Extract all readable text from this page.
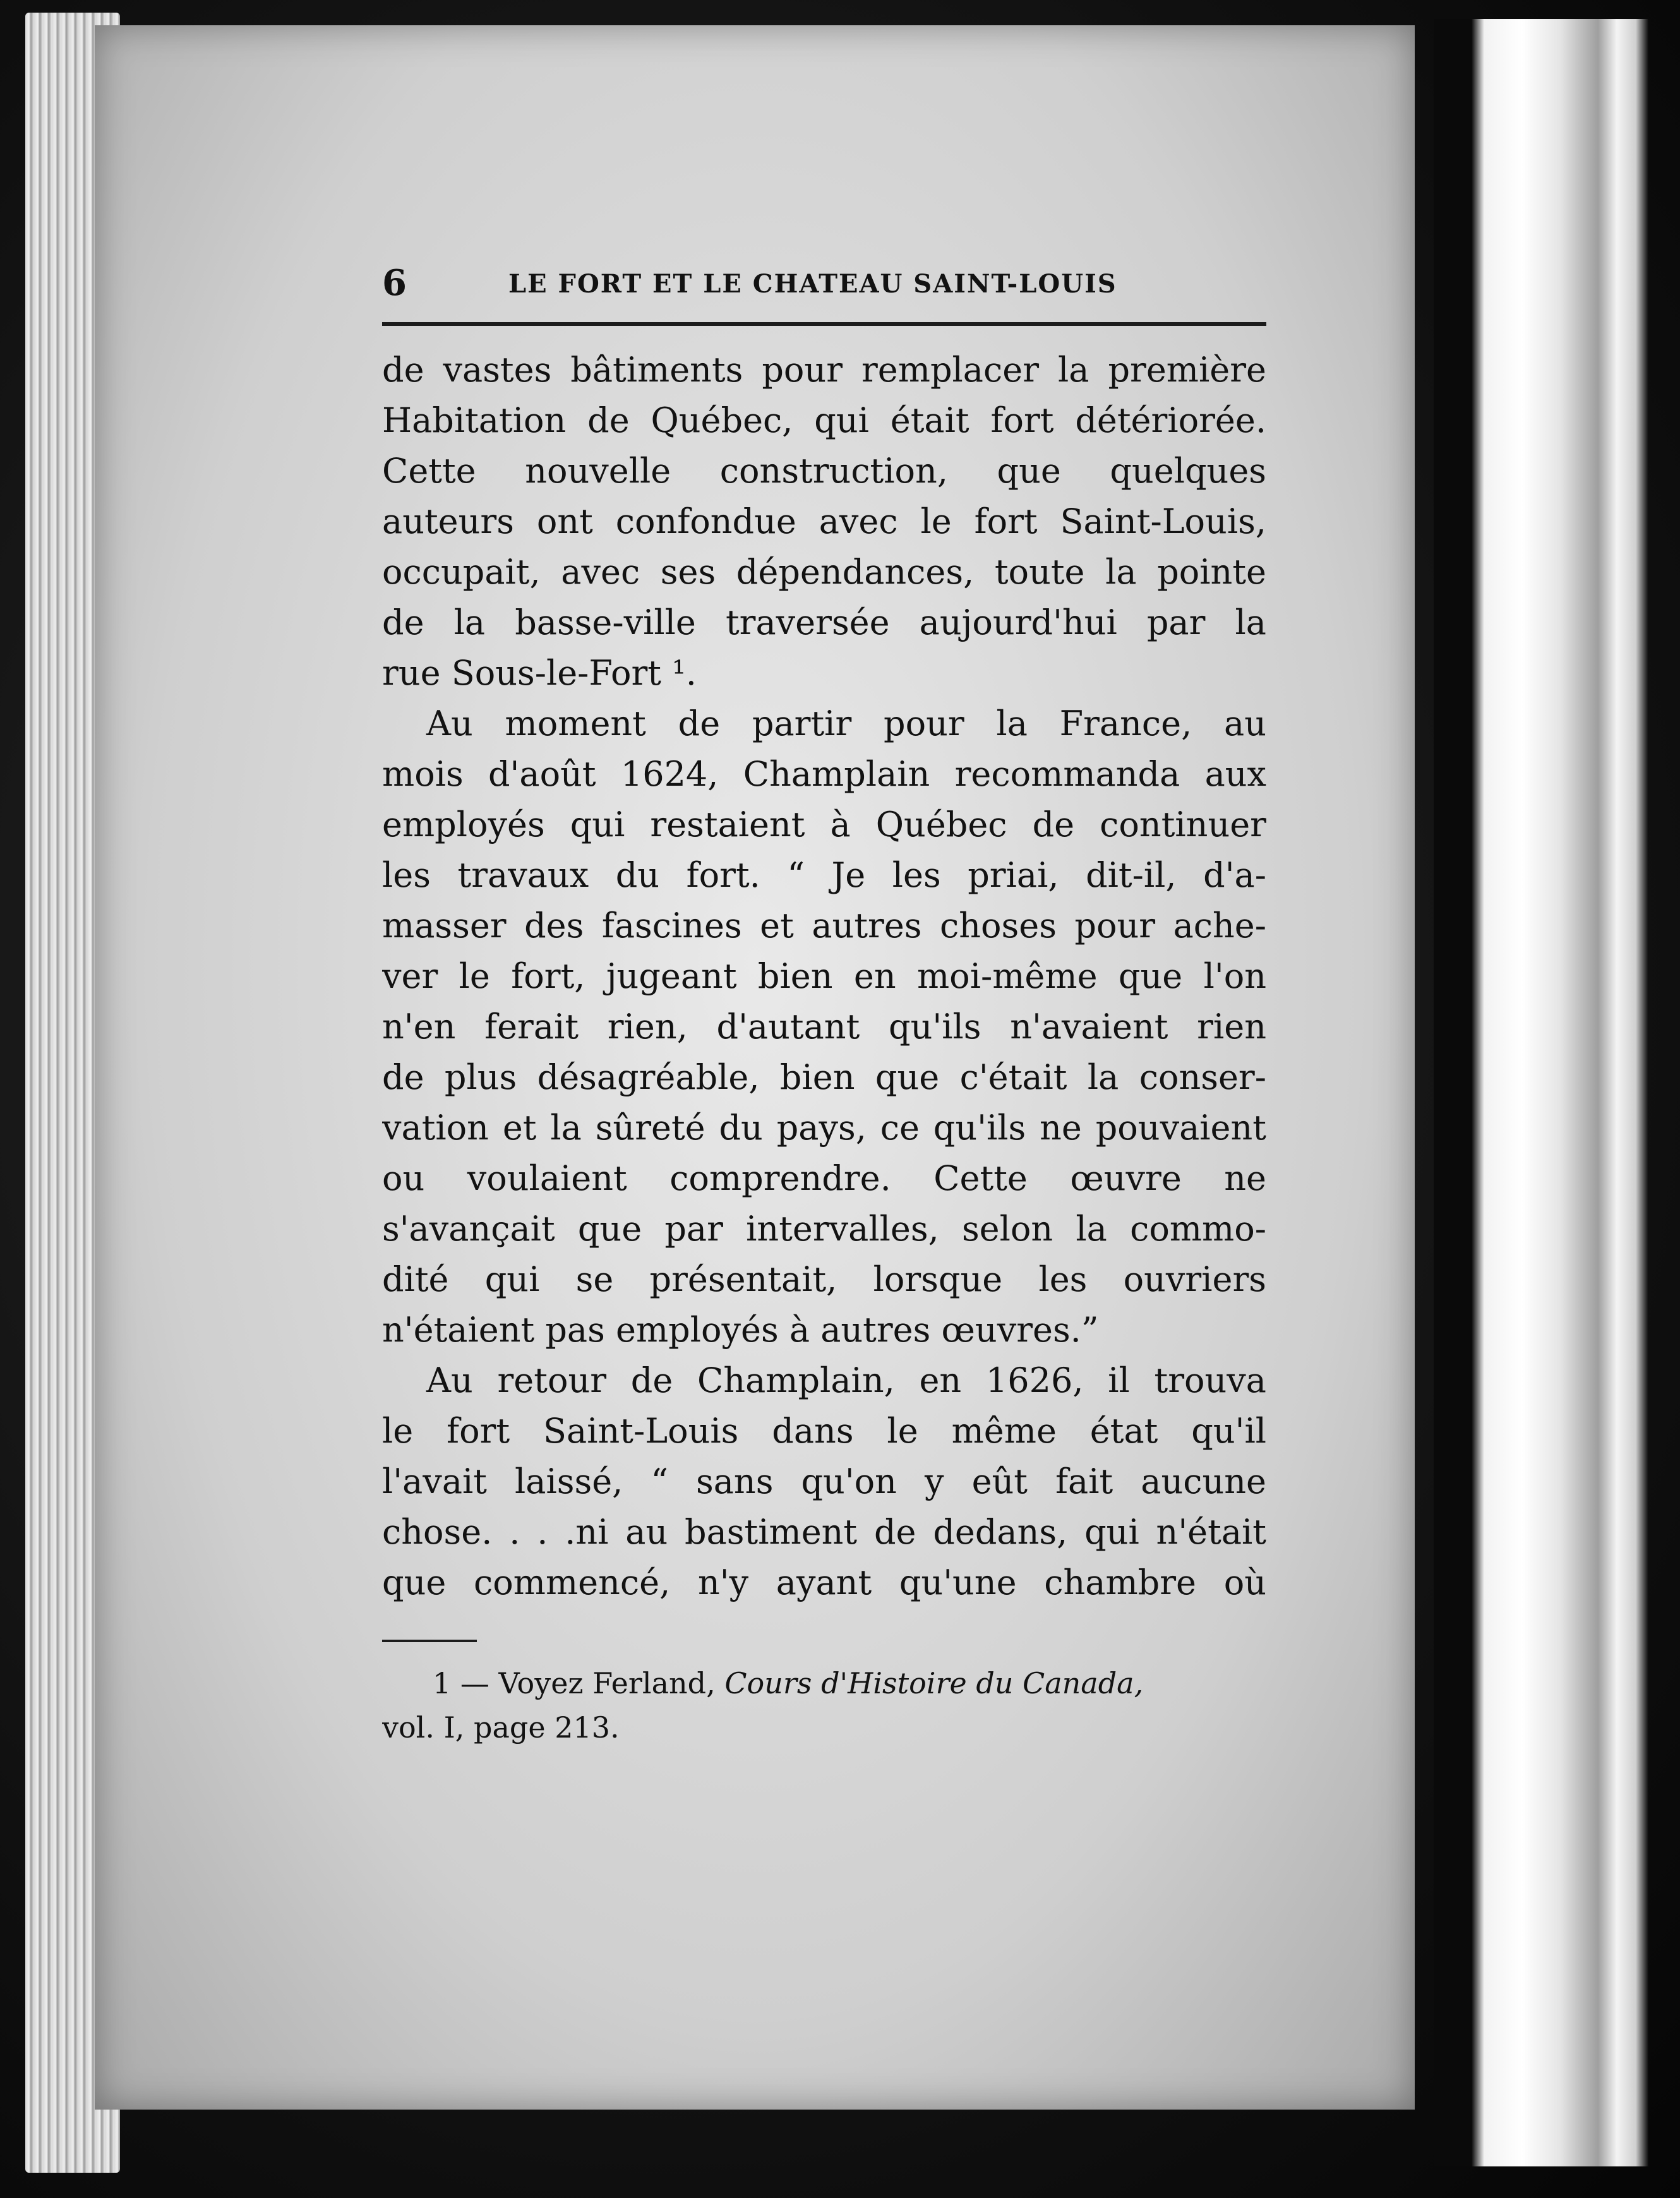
6	LE FORT ET LE CHATEAU SAINT-LOUIS
de vastes bâtiments pour remplacer la première
Habitation de Québec, qui était fort détériorée.
Cette nouvelle construction, que quelques
auteurs ont confondue avec le fort Saint-Louis,
occupait, avec ses dépendances, toute la pointe
de la basse-ville traversée aujourd'hui par la
rue Sous-le-Fort ¹.
Au moment de partir pour la France, au
mois d'août 1624, Champlain recommanda aux
employés qui restaient à Québec de continuer
les travaux du fort. “ Je les priai, dit-il, d'a-
masser des fascines et autres choses pour ache-
ver le fort, jugeant bien en moi-même que l'on
n'en ferait rien, d'autant qu'ils n'avaient rien
de plus désagréable, bien que c'était la conser-
vation et la sûreté du pays, ce qu'ils ne pouvaient
ou voulaient comprendre. Cette œuvre ne
s'avançait que par intervalles, selon la commo-
dité qui se présentait, lorsque les ouvriers
n'étaient pas employés à autres œuvres.”
Au retour de Champlain, en 1626, il trouva
le fort Saint-Louis dans le même état qu'il
l'avait laissé, “ sans qu'on y eût fait aucune
chose. . . .ni au bastiment de dedans, qui n'était
que commencé, n'y ayant qu'une chambre où
1 — Voyez Ferland, Cours d'Histoire du Canada,
vol. I, page 213.
